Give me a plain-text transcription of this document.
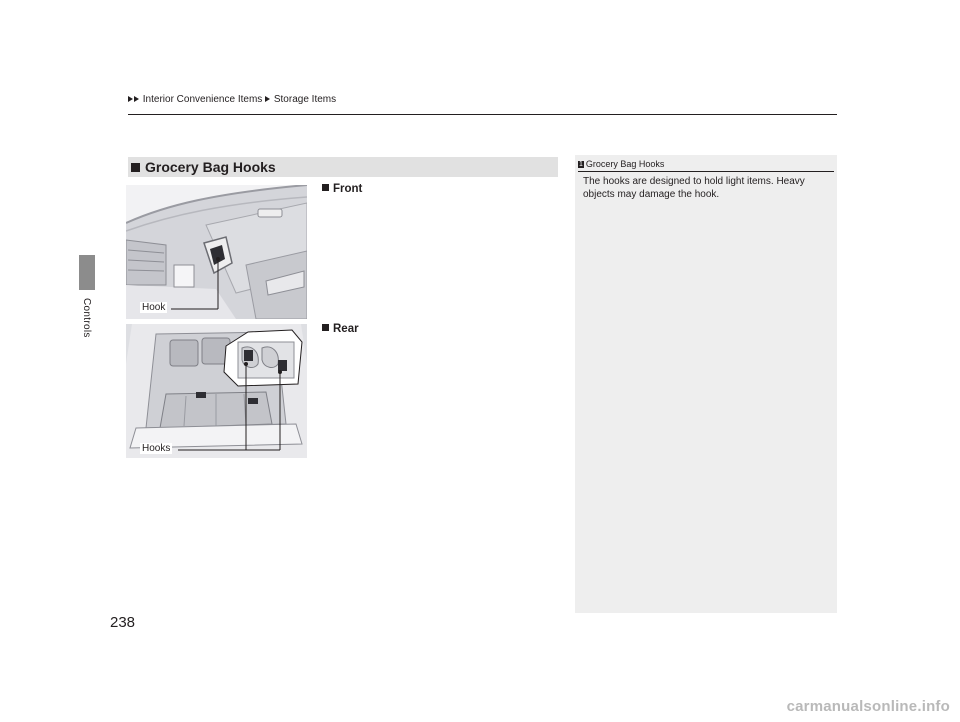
Interior Convenience Items Storage Items
Controls
238
Grocery Bag Hooks
Front
Rear
Hook
Hooks
1 Grocery Bag Hooks
The hooks are designed to hold light items. Heavy objects may damage the hook.
carmanualsonline.info
